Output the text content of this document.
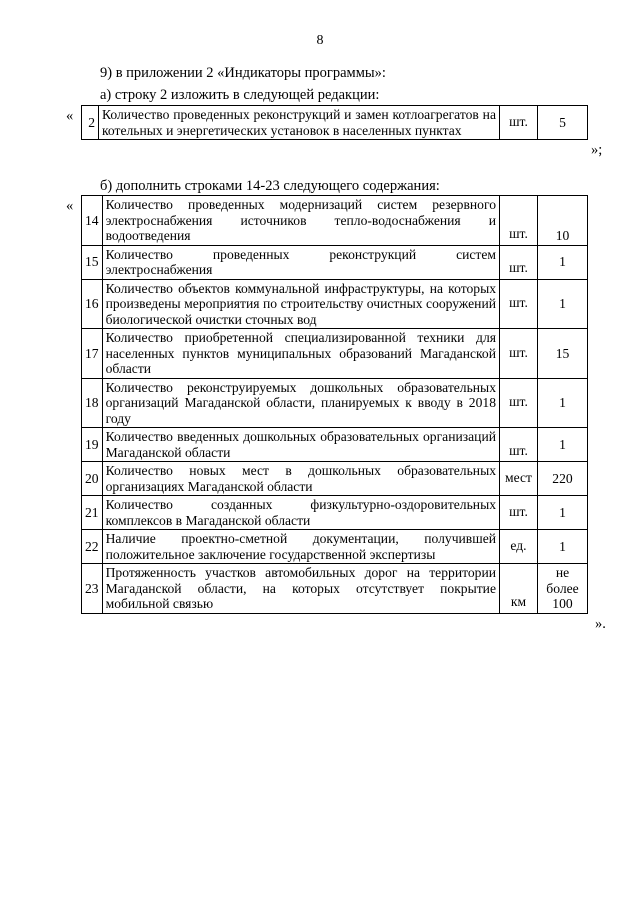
8
9) в приложении 2 «Индикаторы программы»:
а) строку 2 изложить в следующей редакции:
« 2	Количество проведенных реконструкций и замен котлоагрегатов на котельных и энергетических установок в населенных пунктах	шт.	5
»;
б) дополнить строками 14-23 следующего содержания:
«
14	Количество проведенных модернизаций систем резервного электроснабжения источников тепло-водоснабжения и водоотведения	шт.	10
15	Количество проведенных реконструкций систем электроснабжения	шт.	1
16	Количество объектов коммунальной инфраструктуры, на которых произведены мероприятия по строительству очистных сооружений биологической очистки сточных вод	шт.	1
17	Количество приобретенной специализированной техники для населенных пунктов муниципальных образований Магаданской области	шт.	15
18	Количество реконструируемых дошкольных образовательных организаций Магаданской области, планируемых к вводу в 2018 году	шт.	1
19	Количество введенных дошкольных образовательных организаций Магаданской области	шт.	1
20	Количество новых мест в дошкольных образовательных организациях Магаданской области	мест	220
21	Количество созданных физкультурно-оздоровительных комплексов в Магаданской области	шт.	1
22	Наличие проектно-сметной документации, получившей положительное заключение государственной экспертизы	ед.	1
23	Протяженность участков автомобильных дорог на территории Магаданской области, на которых отсутствует покрытие мобильной связью	км	не
более
100
».
